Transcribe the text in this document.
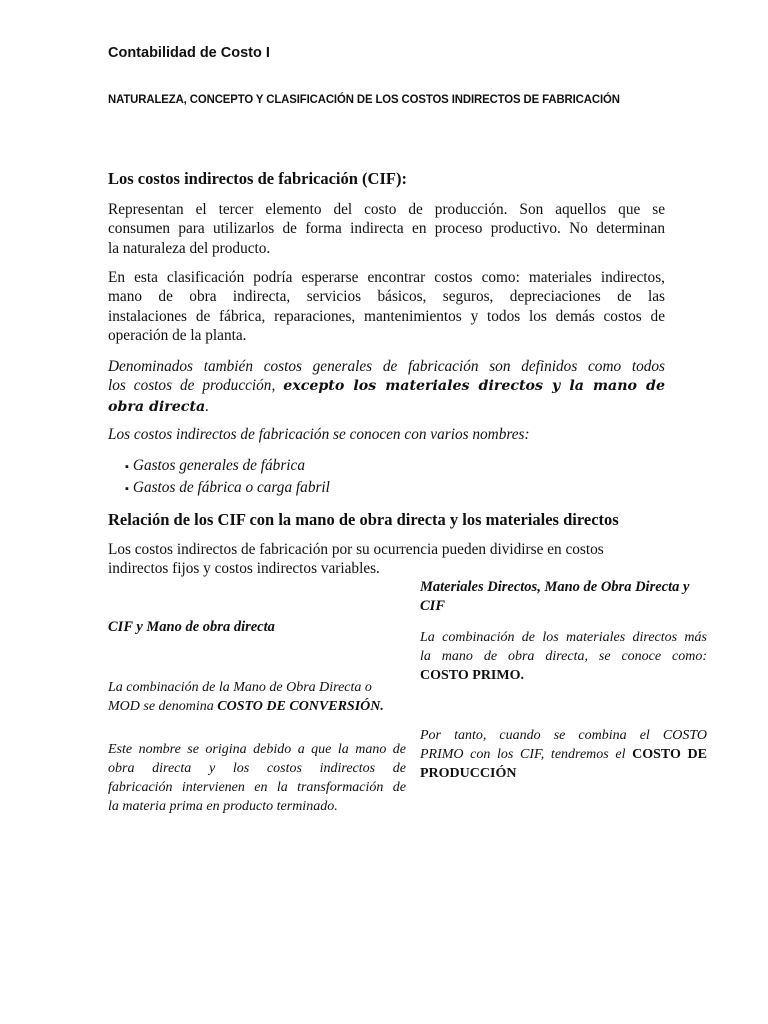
Contabilidad de Costo I
NATURALEZA, CONCEPTO Y CLASIFICACIÓN DE LOS COSTOS INDIRECTOS DE FABRICACIÓN
Los costos indirectos de fabricación (CIF):

Representan el tercer elemento del costo de producción. Son aquellos que se
consumen para utilizarlos de forma indirecta en proceso productivo. No determinan
la naturaleza del producto.

En esta clasificación podría esperarse encontrar costos como: materiales indirectos,
mano de obra indirecta, servicios básicos, seguros, depreciaciones de las
instalaciones de fábrica, reparaciones, mantenimientos y todos los demás costos de
operación de la planta.

Denominados también costos generales de fabricación son definidos como todos
los costos de producción, excepto los materiales directos y la mano de
obra directa.

Los costos indirectos de fabricación se conocen con varios nombres:

▪ Gastos generales de fábrica
▪ Gastos de fábrica o carga fabril
Relación de los CIF con la mano de obra directa y los materiales directos

Los costos indirectos de fabricación por su ocurrencia pueden dividirse en costos
indirectos fijos y costos indirectos variables.

CIF y Mano de obra directa
La combinación de la Mano de Obra Directa o
MOD se denomina COSTO DE CONVERSIÓN.
Este nombre se origina debido a que la mano de
obra directa y los costos indirectos de
fabricación intervienen en la transformación de
la materia prima en producto terminado.
Materiales Directos, Mano de Obra Directa y
CIF
La combinación de los materiales directos más
la mano de obra directa, se conoce como:
COSTO PRIMO.
Por tanto, cuando se combina el COSTO
PRIMO con los CIF, tendremos el COSTO DE
PRODUCCIÓN
